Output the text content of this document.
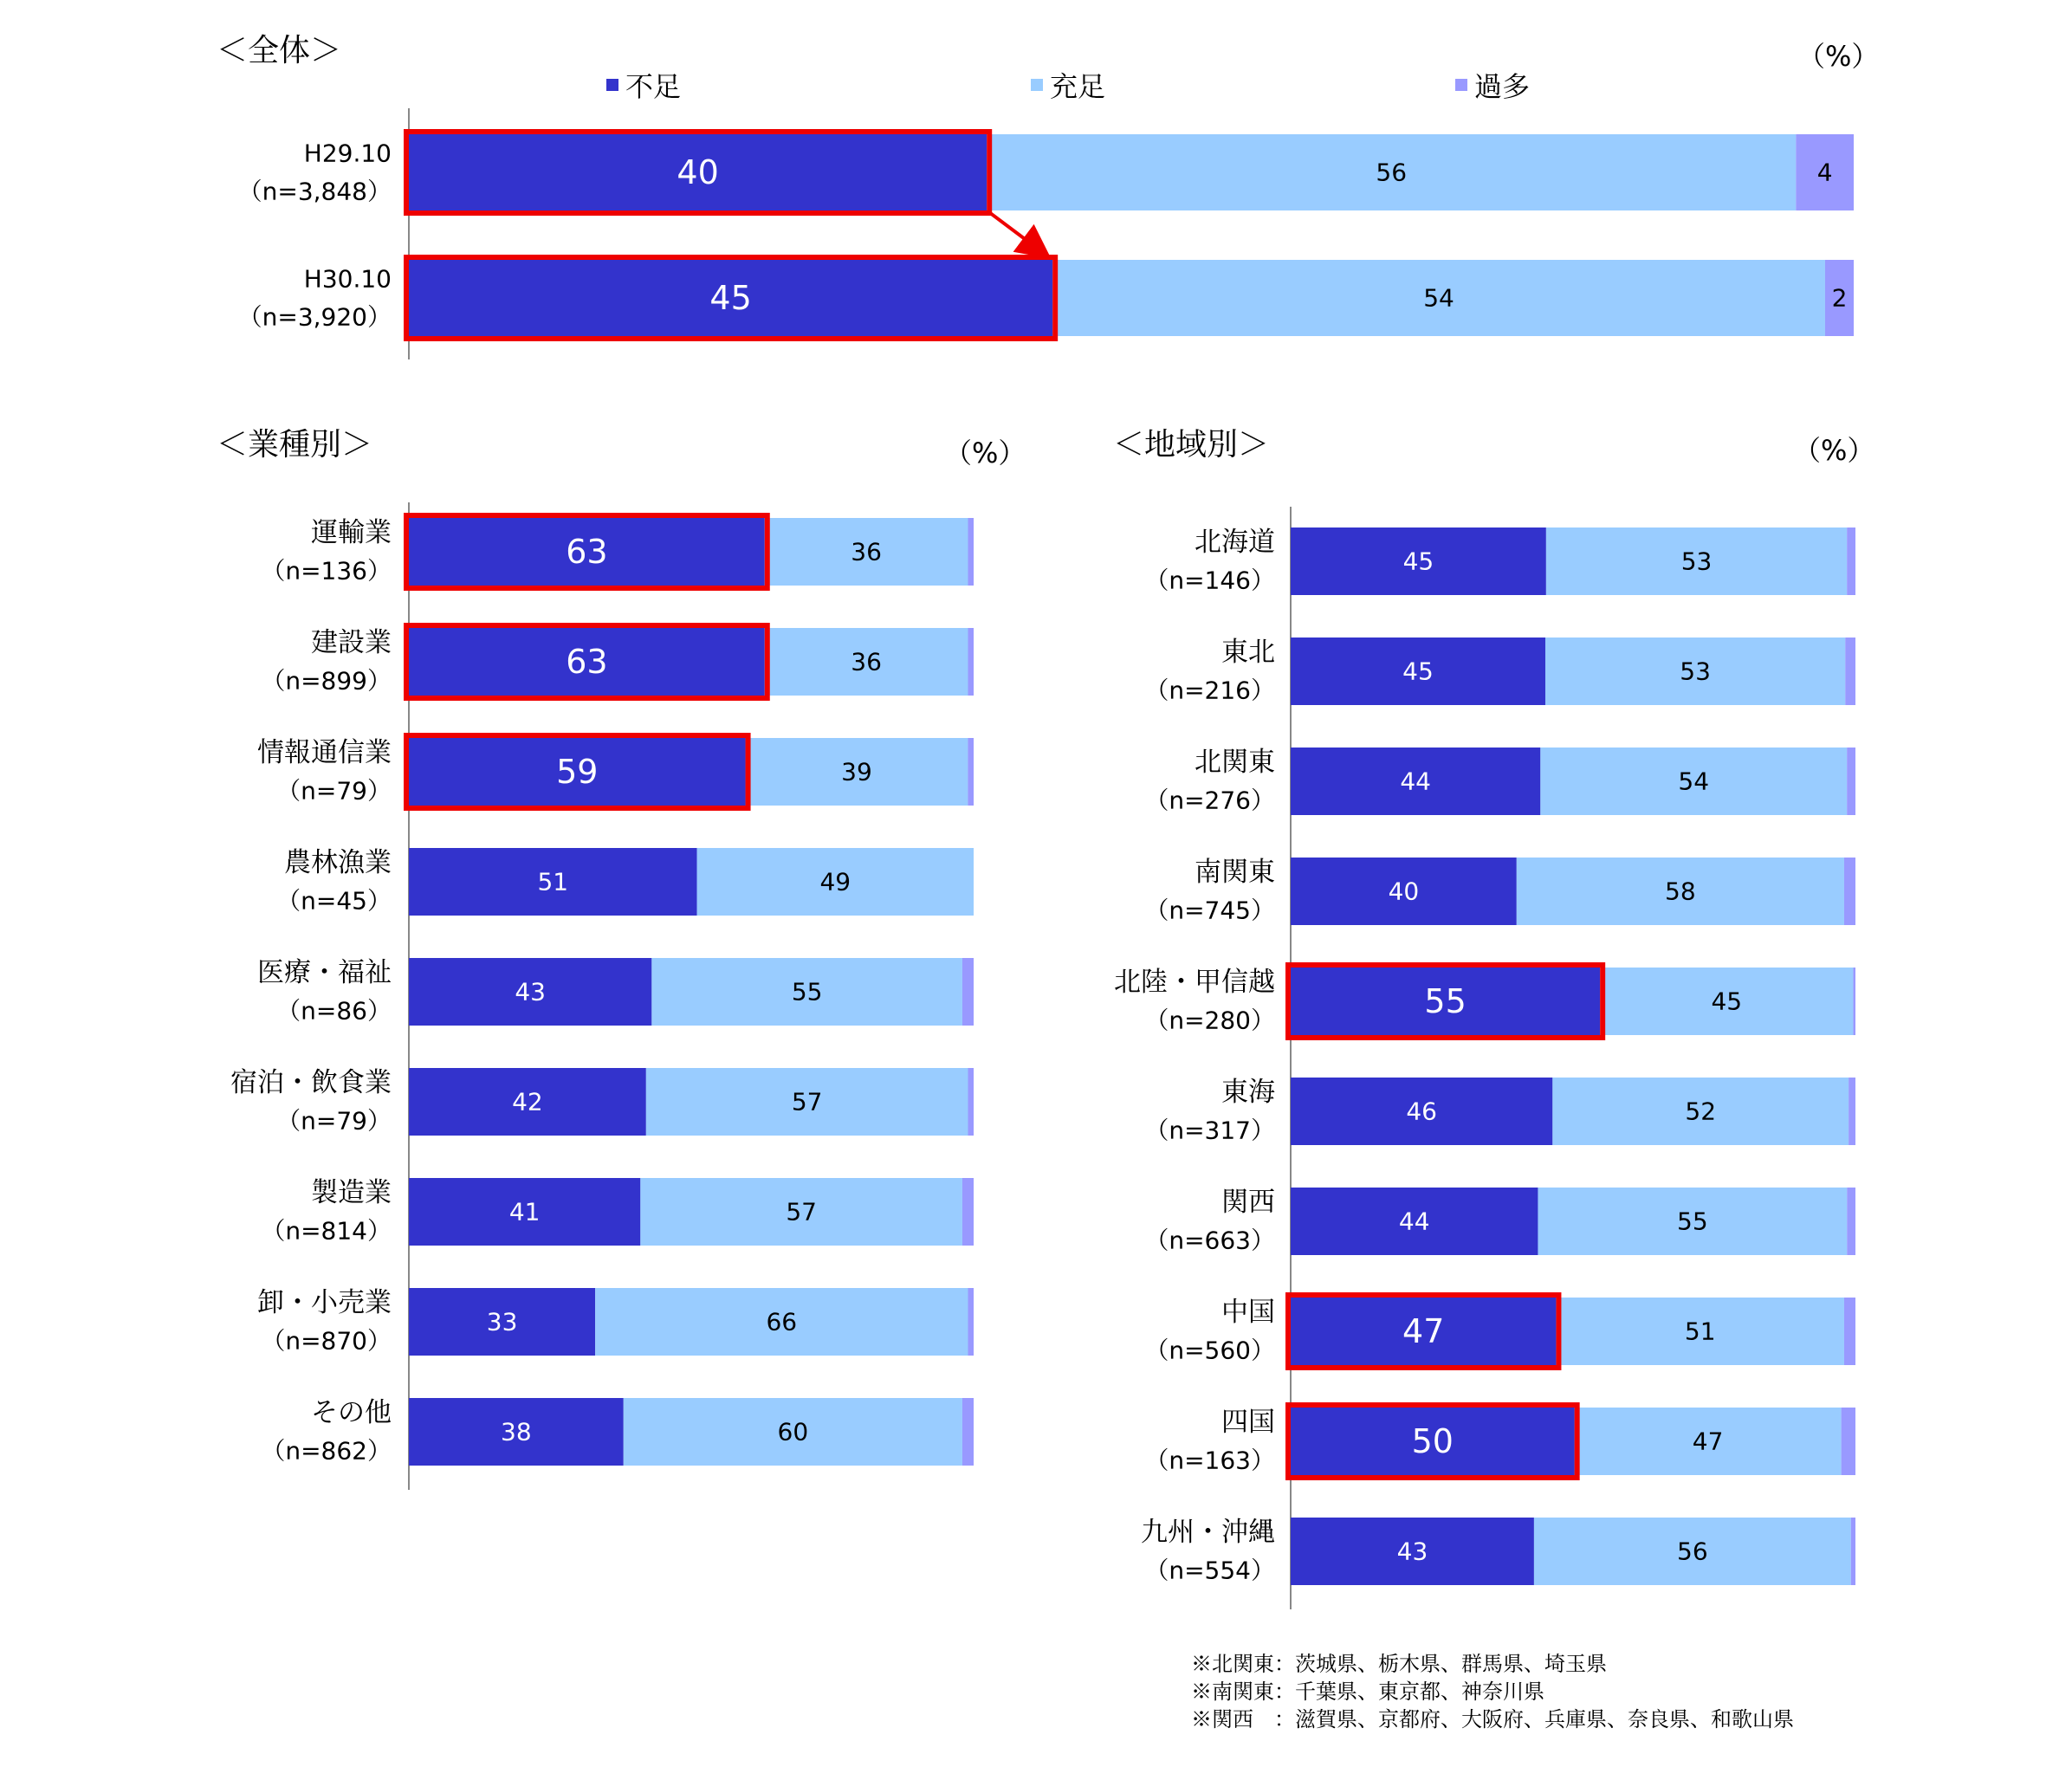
＜全体＞	（%）
不足	充足	過多
＜業種別＞	（%）	＜地域別＞	（%）
40	56	4
H29.10
（n=3,848）
45	54	2
H30.10
（n=3,920）
63	36
運輸業
（n=136）
63	36
建設業
（n=899）
59	39
情報通信業
（n=79）
51	49
農林漁業
（n=45）
43	55
医療・福祉
（n=86）
42	57
宿泊・飲食業
（n=79）
41	57
製造業
（n=814）
33	66
卸・小売業
（n=870）
38	60
その他
（n=862）
45	53
北海道
（n=146）
45	53
東北
（n=216）
44	54
北関東
（n=276）
40	58
南関東
（n=745）
55	45
北陸・甲信越
（n=280）
46	52
東海
（n=317）
44	55
関西
（n=663）
47	51
中国
（n=560）
50	47
四国
（n=163）
43	56
九州・沖縄
（n=554）
※北関東：茨城県、栃木県、群馬県、埼玉県
※南関東：千葉県、東京都、神奈川県
※関西　：滋賀県、京都府、大阪府、兵庫県、奈良県、和歌山県
